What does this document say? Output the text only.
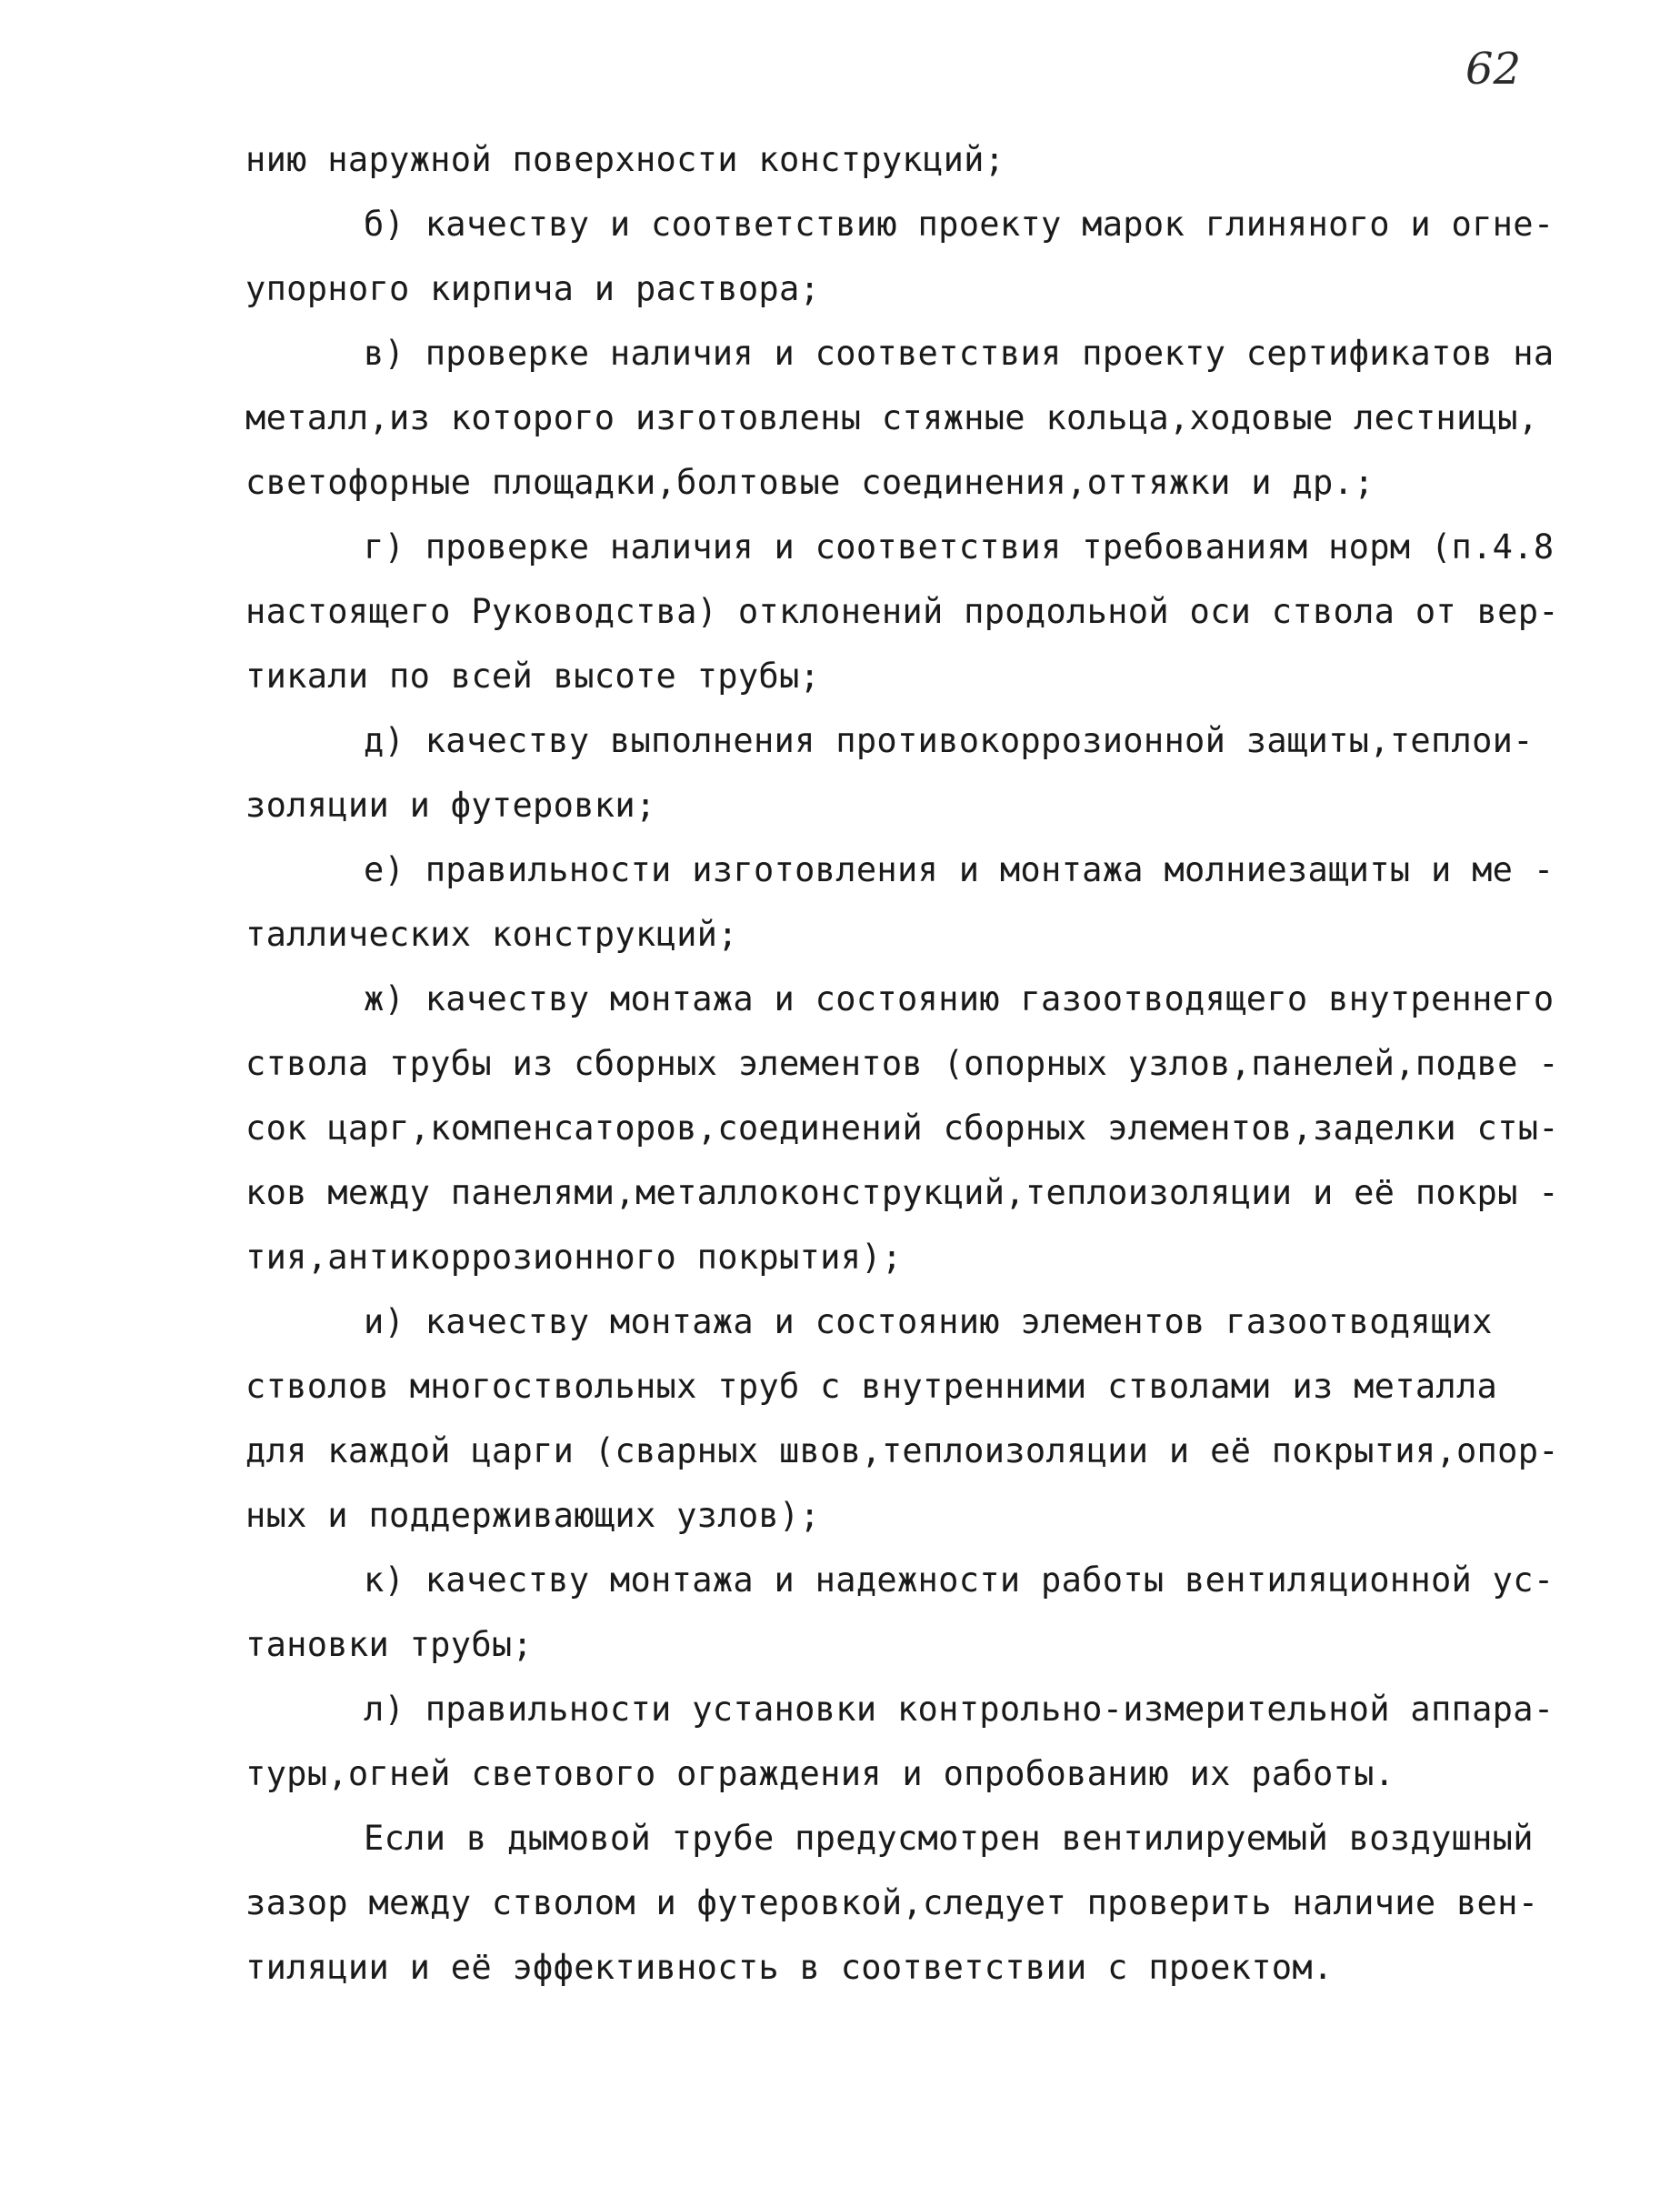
62
нию наружной поверхности конструкций;
б) качеству и соответствию проекту марок глиняного и огне-
упорного кирпича и раствора;
в) проверке наличия и соответствия проекту сертификатов на
металл,из которого изготовлены стяжные кольца,ходовые лестницы,
светофорные площадки,болтовые соединения,оттяжки и др.;
г) проверке наличия и соответствия требованиям норм (п.4.8
настоящего Руководства) отклонений продольной оси ствола от вер-
тикали по всей высоте трубы;
д) качеству выполнения противокоррозионной защиты,теплои-
золяции и футеровки;
е) правильности изготовления и монтажа молниезащиты и ме -
таллических конструкций;
ж) качеству монтажа и состоянию газоотводящего внутреннего
ствола трубы из сборных элементов (опорных узлов,панелей,подве -
сок царг,компенсаторов,соединений сборных элементов,заделки сты-
ков между панелями,металлоконструкций,теплоизоляции и её покры -
тия,антикоррозионного покрытия);
и) качеству монтажа и состоянию элементов газоотводящих
стволов многоствольных труб с внутренними стволами из металла
для каждой царги (сварных швов,теплоизоляции и её покрытия,опор-
ных и поддерживающих узлов);
к) качеству монтажа и надежности работы вентиляционной ус-
тановки трубы;
л) правильности установки контрольно-измерительной аппара-
туры,огней светового ограждения и опробованию их работы.
Если в дымовой трубе предусмотрен вентилируемый воздушный
зазор между стволом и футеровкой,следует проверить наличие вен-
тиляции и её эффективность в соответствии с проектом.
